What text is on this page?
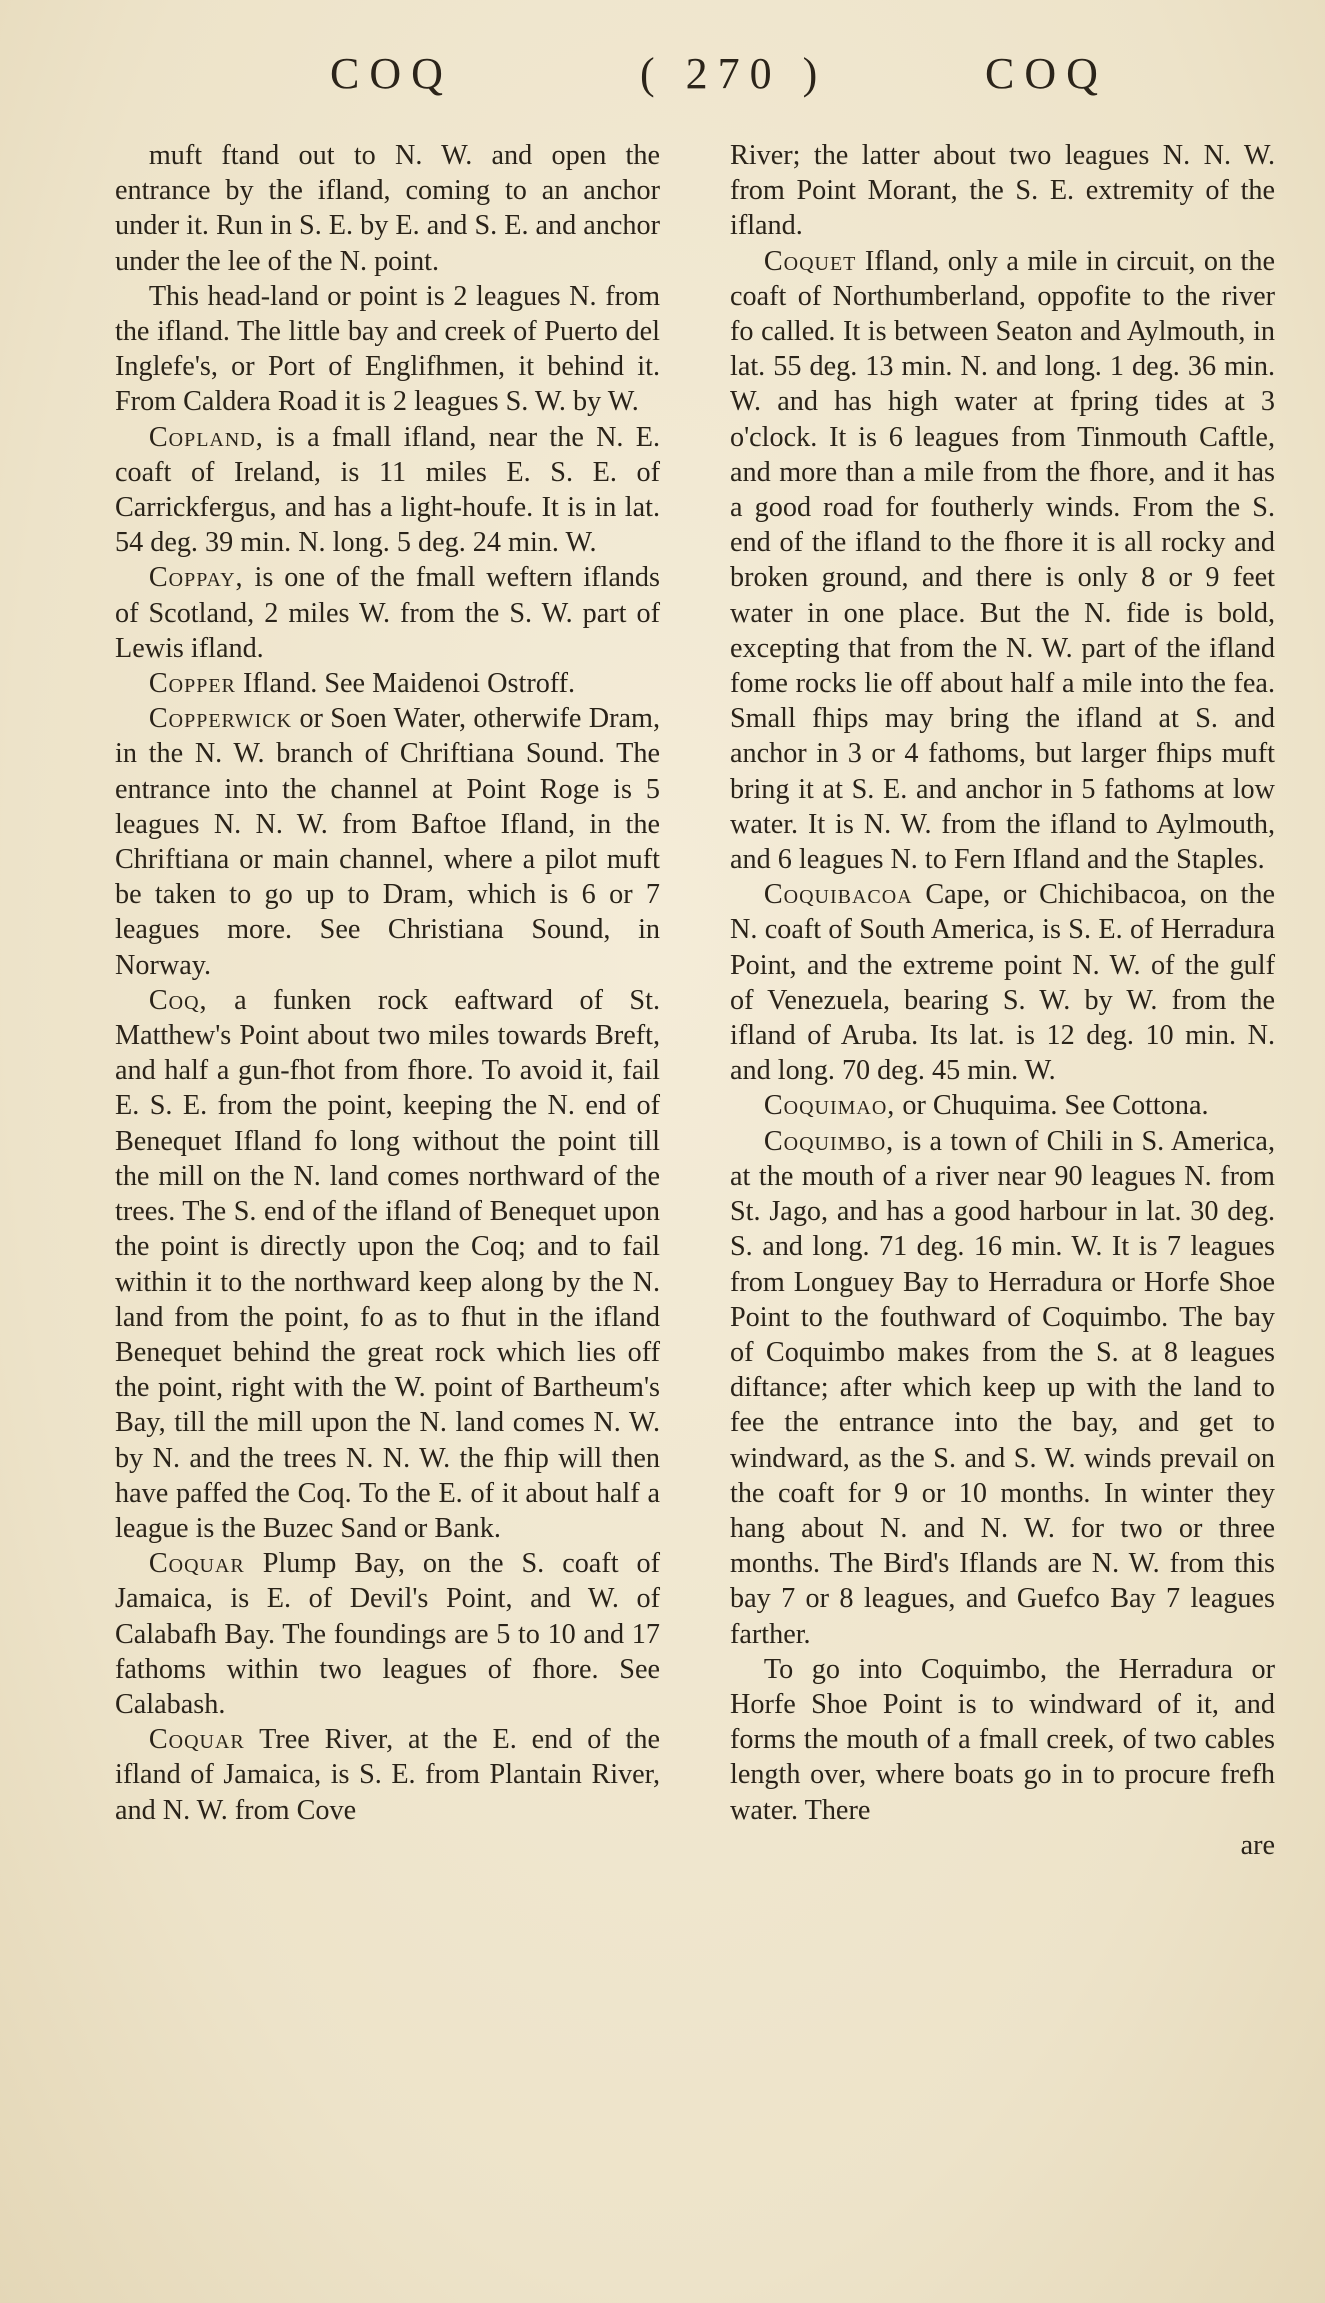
COQ	( 270 )	COQ

muft ftand out to N. W. and open the entrance by the ifland, coming to an anchor under it. Run in S. E. by E. and S. E. and anchor under the lee of the N. point.

This head-land or point is 2 leagues N. from the ifland. The little bay and creek of Puerto del Inglefe's, or Port of Englifhmen, it behind it. From Caldera Road it is 2 leagues S. W. by W.

Copland, is a fmall ifland, near the N. E. coaft of Ireland, is 11 miles E. S. E. of Carrickfergus, and has a light-houfe. It is in lat. 54 deg. 39 min. N. long. 5 deg. 24 min. W.

Coppay, is one of the fmall weftern iflands of Scotland, 2 miles W. from the S. W. part of Lewis ifland.

Copper Ifland. See Maidenoi Ostroff.

Copperwick or Soen Water, otherwife Dram, in the N. W. branch of Chriftiana Sound. The entrance into the channel at Point Roge is 5 leagues N. N. W. from Baftoe Ifland, in the Chriftiana or main channel, where a pilot muft be taken to go up to Dram, which is 6 or 7 leagues more. See Christiana Sound, in Norway.

Coq, a funken rock eaftward of St. Matthew's Point about two miles towards Breft, and half a gun-fhot from fhore. To avoid it, fail E. S. E. from the point, keeping the N. end of Benequet Ifland fo long without the point till the mill on the N. land comes northward of the trees. The S. end of the ifland of Benequet upon the point is directly upon the Coq; and to fail within it to the northward keep along by the N. land from the point, fo as to fhut in the ifland Benequet behind the great rock which lies off the point, right with the W. point of Bartheum's Bay, till the mill upon the N. land comes N. W. by N. and the trees N. N. W. the fhip will then have paffed the Coq. To the E. of it about half a league is the Buzec Sand or Bank.

Coquar Plump Bay, on the S. coaft of Jamaica, is E. of Devil's Point, and W. of Calabafh Bay. The foundings are 5 to 10 and 17 fathoms within two leagues of fhore. See Calabash.

Coquar Tree River, at the E. end of the ifland of Jamaica, is S. E. from Plantain River, and N. W. from Cove

River; the latter about two leagues N. N. W. from Point Morant, the S. E. extremity of the ifland.

Coquet Ifland, only a mile in circuit, on the coaft of Northumberland, oppofite to the river fo called. It is between Seaton and Aylmouth, in lat. 55 deg. 13 min. N. and long. 1 deg. 36 min. W. and has high water at fpring tides at 3 o'clock. It is 6 leagues from Tinmouth Caftle, and more than a mile from the fhore, and it has a good road for foutherly winds. From the S. end of the ifland to the fhore it is all rocky and broken ground, and there is only 8 or 9 feet water in one place. But the N. fide is bold, excepting that from the N. W. part of the ifland fome rocks lie off about half a mile into the fea. Small fhips may bring the ifland at S. and anchor in 3 or 4 fathoms, but larger fhips muft bring it at S. E. and anchor in 5 fathoms at low water. It is N. W. from the ifland to Aylmouth, and 6 leagues N. to Fern Ifland and the Staples.

Coquibacoa Cape, or Chichibacoa, on the N. coaft of South America, is S. E. of Herradura Point, and the extreme point N. W. of the gulf of Venezuela, bearing S. W. by W. from the ifland of Aruba. Its lat. is 12 deg. 10 min. N. and long. 70 deg. 45 min. W.

Coquimao, or Chuquima. See Cottona.

Coquimbo, is a town of Chili in S. America, at the mouth of a river near 90 leagues N. from St. Jago, and has a good harbour in lat. 30 deg. S. and long. 71 deg. 16 min. W. It is 7 leagues from Longuey Bay to Herradura or Horfe Shoe Point to the fouthward of Coquimbo. The bay of Coquimbo makes from the S. at 8 leagues diftance; after which keep up with the land to fee the entrance into the bay, and get to windward, as the S. and S. W. winds prevail on the coaft for 9 or 10 months. In winter they hang about N. and N. W. for two or three months. The Bird's Iflands are N. W. from this bay 7 or 8 leagues, and Guefco Bay 7 leagues farther.

To go into Coquimbo, the Herradura or Horfe Shoe Point is to windward of it, and forms the mouth of a fmall creek, of two cables length over, where boats go in to procure frefh water. There

are
